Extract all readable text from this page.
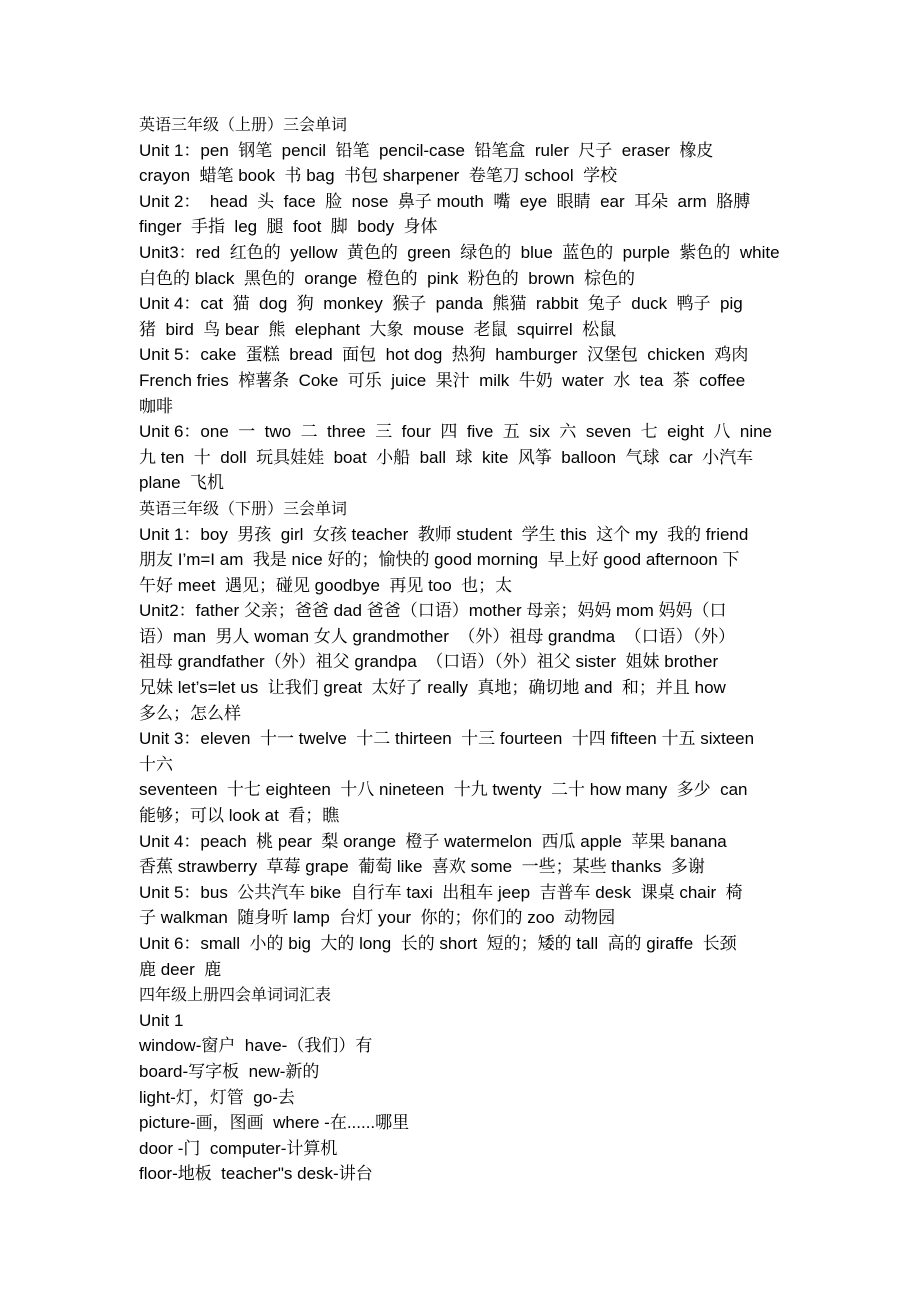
英语三年级（上册）三会单词
Unit 1：pen  钢笔  pencil  铅笔  pencil-case  铅笔盒  ruler  尺子  eraser  橡皮
crayon  蜡笔 book  书 bag  书包 sharpener  卷笔刀 school  学校
Unit 2：  head  头  face  脸  nose  鼻子 mouth  嘴  eye  眼睛  ear  耳朵  arm  胳膊
finger  手指  leg  腿  foot  脚  body  身体
Unit3：red  红色的  yellow  黄色的  green  绿色的  blue  蓝色的  purple  紫色的  white
白色的 black  黑色的  orange  橙色的  pink  粉色的  brown  棕色的
Unit 4：cat  猫  dog  狗  monkey  猴子  panda  熊猫  rabbit  兔子  duck  鸭子  pig
猪  bird  鸟 bear  熊  elephant  大象  mouse  老鼠  squirrel  松鼠
Unit 5：cake  蛋糕  bread  面包  hot dog  热狗  hamburger  汉堡包  chicken  鸡肉
French fries  榨薯条  Coke  可乐  juice  果汁  milk  牛奶  water  水  tea  茶  coffee
咖啡
Unit 6：one  一  two  二  three  三  four  四  five  五  six  六  seven  七  eight  八  nine
九 ten  十  doll  玩具娃娃  boat  小船  ball  球  kite  风筝  balloon  气球  car  小汽车
plane  飞机
英语三年级（下册）三会单词
Unit 1：boy  男孩  girl  女孩 teacher  教师 student  学生 this  这个 my  我的 friend
朋友 I’m=I am  我是 nice 好的；愉快的 good morning  早上好 good afternoon 下
午好 meet  遇见；碰见 goodbye  再见 too  也；太
Unit2：father 父亲；爸爸 dad 爸爸（口语）mother 母亲；妈妈 mom 妈妈（口
语）man  男人 woman 女人 grandmother  （外）祖母 grandma  （口语）（外）
祖母 grandfather（外）祖父 grandpa  （口语）（外）祖父 sister  姐妹 brother
兄妹 let’s=let us  让我们 great  太好了 really  真地；确切地 and  和；并且 how
多么；怎么样
Unit 3：eleven  十一 twelve  十二 thirteen  十三 fourteen  十四 fifteen 十五 sixteen
十六
seventeen  十七 eighteen  十八 nineteen  十九 twenty  二十 how many  多少  can
能够；可以 look at  看；瞧
Unit 4：peach  桃 pear  梨 orange  橙子 watermelon  西瓜 apple  苹果 banana
香蕉 strawberry  草莓 grape  葡萄 like  喜欢 some  一些；某些 thanks  多谢
Unit 5：bus  公共汽车 bike  自行车 taxi  出租车 jeep  吉普车 desk  课桌 chair  椅
子 walkman  随身听 lamp  台灯 your  你的；你们的 zoo  动物园
Unit 6：small  小的 big  大的 long  长的 short  短的；矮的 tall  高的 giraffe  长颈
鹿 deer  鹿
四年级上册四会单词词汇表
Unit 1
window-窗户  have-（我们）有
board-写字板  new-新的
light-灯，灯管  go-去
picture-画，图画  where -在......哪里
door -门  computer-计算机
floor-地板  teacher"s desk-讲台
